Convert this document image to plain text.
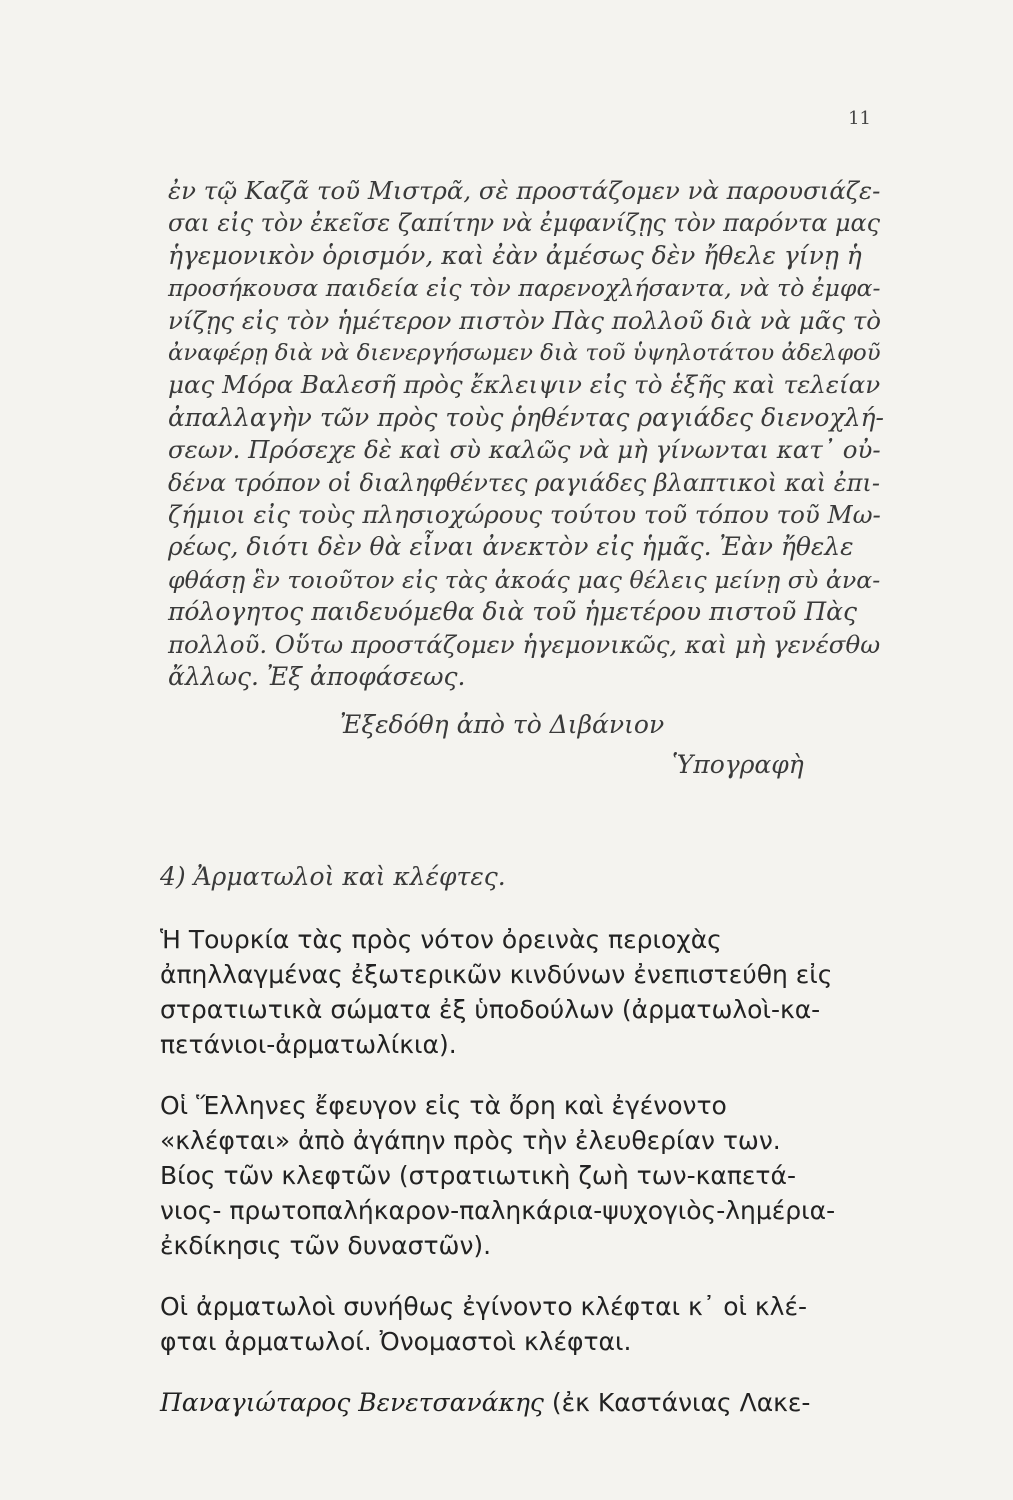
11
ἐν τῷ Καζᾶ τοῦ Μιστρᾶ, σὲ προστάζομεν νὰ παρουσιάζε-
σαι εἰς τὸν ἐκεῖσε ζαπίτην νὰ ἐμφανίζῃς τὸν παρόντα μας
ἡγεμονικὸν ὁρισμόν, καὶ ἐὰν ἀμέσως δὲν ἤθελε γίνῃ ἡ
προσήκουσα παιδεία εἰς τὸν παρενοχλήσαντα, νὰ τὸ ἐμφα-
νίζῃς εἰς τὸν ἡμέτερον πιστὸν Πὰς πολλοῦ διὰ νὰ μᾶς τὸ
ἀναφέρῃ διὰ νὰ διενεργήσωμεν διὰ τοῦ ὑψηλοτάτου ἀδελφοῦ
μας Μόρα Βαλεσῆ πρὸς ἔκλειψιν εἰς τὸ ἑξῆς καὶ τελείαν
ἀπαλλαγὴν τῶν πρὸς τοὺς ῥηθέντας ραγιάδες διενοχλή-
σεων. Πρόσεχε δὲ καὶ σὺ καλῶς νὰ μὴ γίνωνται κατ᾽ οὐ-
δένα τρόπον οἱ διαληφθέντες ραγιάδες βλαπτικοὶ καὶ ἐπι-
ζήμιοι εἰς τοὺς πλησιοχώρους τούτου τοῦ τόπου τοῦ Μω-
ρέως, διότι δὲν θὰ εἶναι ἀνεκτὸν εἰς ἡμᾶς. Ἐὰν ἤθελε
φθάσῃ ἓν τοιοῦτον εἰς τὰς ἀκοάς μας θέλεις μείνῃ σὺ ἀνα-
πόλογητος παιδευόμεθα διὰ τοῦ ἡμετέρου πιστοῦ Πὰς
πολλοῦ. Οὕτω προστάζομεν ἡγεμονικῶς, καὶ μὴ γενέσθω
ἄλλως. Ἐξ ἀποφάσεως.
Ἐξεδόθη ἀπὸ τὸ Διβάνιον
Ὑπογραφὴ
4) Ἀρματωλοὶ καὶ κλέφτες.
Ἡ Τουρκία τὰς πρὸς νότον ὀρεινὰς περιοχὰς
ἀπηλλαγμένας ἐξωτερικῶν κινδύνων ἐνεπιστεύθη εἰς
στρατιωτικὰ σώματα ἐξ ὑποδούλων (ἀρματωλοὶ-κα-
πετάνιοι-ἀρματωλίκια).
Οἱ Ἕλληνες ἔφευγον εἰς τὰ ὄρη καὶ ἐγένοντο
«κλέφται» ἀπὸ ἀγάπην πρὸς τὴν ἐλευθερίαν των.
Βίος τῶν κλεφτῶν (στρατιωτικὴ ζωὴ των-καπετά-
νιος- πρωτοπαλήκαρον-παληκάρια-ψυχογιὸς-λημέρια-
ἐκδίκησις τῶν δυναστῶν).
Οἱ ἀρματωλοὶ συνήθως ἐγίνοντο κλέφται κ᾽ οἱ κλέ-
φται ἀρματωλοί. Ὀνομαστοὶ κλέφται.
Παναγιώταρος Βενετσανάκης (ἐκ Καστάνιας Λακε-
